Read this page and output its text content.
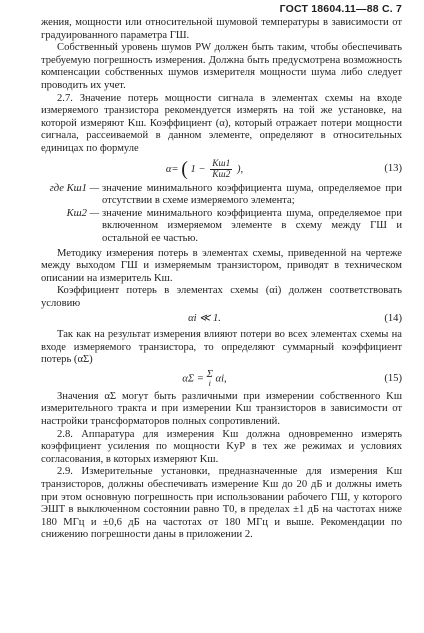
ГОСТ 18604.11—88 С. 7

жения, мощности или относительной шумовой температуры в зависимости от градуированного параметра ГШ.

Собственный уровень шумов PW должен быть таким, чтобы обеспечивать требуемую погрешность измерения. Должна быть предусмотрена возможность компенсации собственных шумов измерителя мощности шума либо следует проводить их учет.

2.7. Значение потерь мощности сигнала в элементах схемы на входе измеряемого транзистора рекомендуется измерять на той же установке, на которой измеряют Kш. Коэффициент (α), который отражает потери мощности сигнала, рассеиваемой в данном элементе, определяют в относительных единицах по формуле

α= ( $1 - \frac{Kш1}{Kш2}$ ),	(13)
где Kш1 — значение минимального коэффициента шума, определяемое при отсутствии в схеме измеряемого элемента;
Kш2 — значение минимального коэффициента шума, определяемое при включенном измеряемом элементе в схему между ГШ и остальной ее частью.

Методику измерения потерь в элементах схемы, приведенной на чертеже между выходом ГШ и измеряемым транзистором, приводят в техническом описании на измеритель Kш.

Коэффициент потерь в элементах схемы (αi) должен соответствовать условию

αi ≪ 1.	(14)

Так как на результат измерения влияют потери во всех элементах схемы на входе измеряемого транзистора, то определяют суммарный коэффициент потерь (αΣ)

αΣ = Σ
i αi,	(15)

Значения αΣ могут быть различными при измерении собственного Kш измерительного тракта и при измерении Kш транзисторов в зависимости от настройки трансформаторов полных сопротивлений.

2.8. Аппаратура для измерения Kш должна одновременно измерять коэффициент усиления по мощности KуР в тех же режимах и условиях согласования, в которых измеряют Kш.

2.9. Измерительные установки, предназначенные для измерения Kш транзисторов, должны обеспечивать измерение Kш до 20 дБ и должны иметь при этом основную погрешность при использовании рабочего ГШ, у которого ЭШТ в выключенном состоянии равно T0, в пределах ±1 дБ на частотах ниже 180 МГц и ±0,6 дБ на частотах от 180 МГц и выше. Рекомендации по снижению погрешности даны в приложении 2.
